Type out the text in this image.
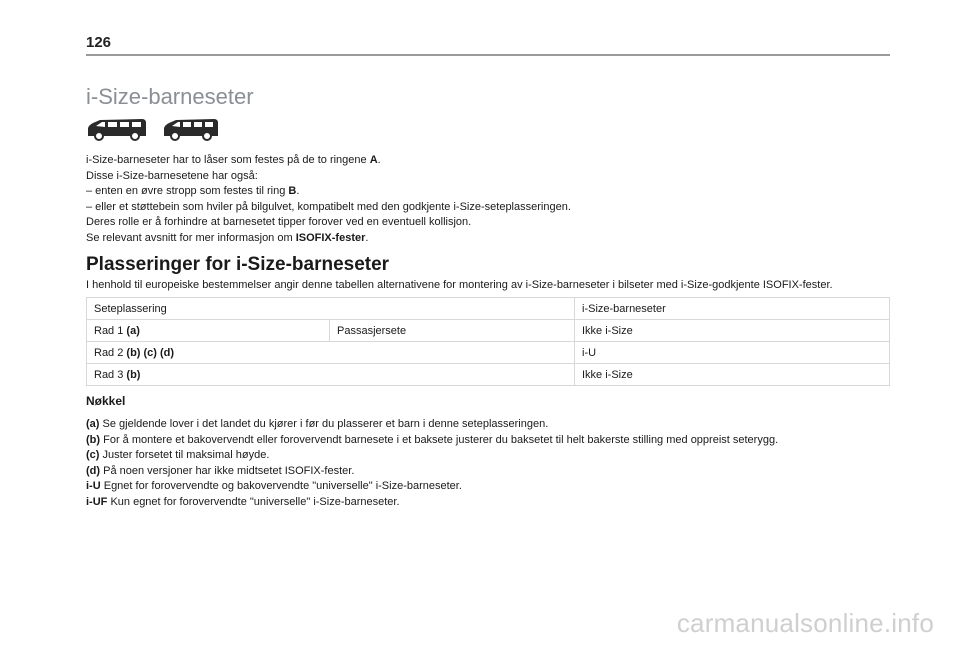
126
i-Size-barneseter

i-Size-barneseter har to låser som festes på de to ringene A.

Disse i-Size-barnesetene har også:

– enten en øvre stropp som festes til ring B.

– eller et støttebein som hviler på bilgulvet, kompatibelt med den godkjente i-Size-seteplasseringen.

Deres rolle er å forhindre at barnesetet tipper forover ved en eventuell kollisjon.

Se relevant avsnitt for mer informasjon om ISOFIX-fester.

Plasseringer for i-Size-barneseter

I henhold til europeiske bestemmelser angir denne tabellen alternativene for montering av i-Size-barneseter i bilseter med i-Size-godkjente ISOFIX-fester.

Seteplassering		i-Size-barneseter
Rad 1 (a)	Passasjersete	Ikke i-Size
Rad 2 (b) (c) (d)		i-U
Rad 3 (b)		Ikke i-Size
Nøkkel

(a) Se gjeldende lover i det landet du kjører i før du plasserer et barn i denne seteplasseringen.

(b) For å montere et bakovervendt eller forovervendt barnesete i et baksete justerer du baksetet til helt bakerste stilling med oppreist seterygg.

(c) Juster forsetet til maksimal høyde.

(d) På noen versjoner har ikke midtsetet ISOFIX-fester.

i-U Egnet for forovervendte og bakovervendte "universelle" i-Size-barneseter.

i-UF Kun egnet for forovervendte "universelle" i-Size-barneseter.

carmanualsonline.info
